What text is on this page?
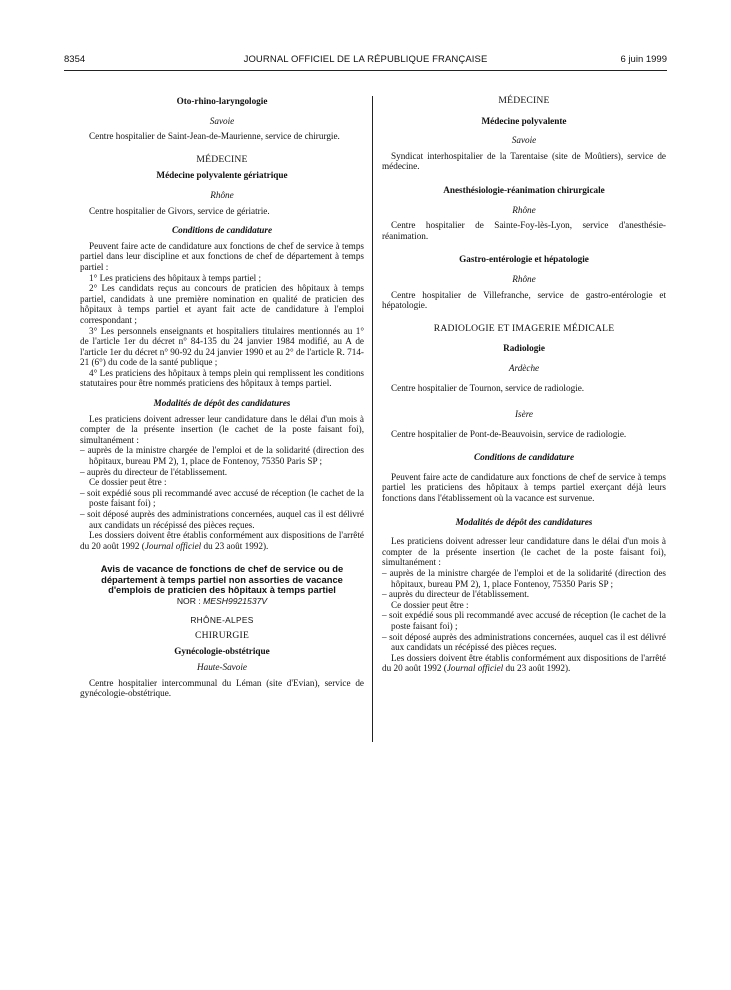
8354	JOURNAL OFFICIEL DE LA RÉPUBLIQUE FRANÇAISE	6 juin 1999
Oto-rhino-laryngologie
Savoie

Centre hospitalier de Saint-Jean-de-Maurienne, service de chirurgie.

MÉDECINE
Médecine polyvalente gériatrique
Rhône

Centre hospitalier de Givors, service de gériatrie.

Conditions de candidature

Peuvent faire acte de candidature aux fonctions de chef de service à temps partiel dans leur discipline et aux fonctions de chef de département à temps partiel :

1° Les praticiens des hôpitaux à temps partiel ;

2° Les candidats reçus au concours de praticien des hôpitaux à temps partiel, candidats à une première nomination en qualité de praticien des hôpitaux à temps partiel et ayant fait acte de candidature à l'emploi correspondant ;

3° Les personnels enseignants et hospitaliers titulaires mentionnés au 1° de l'article 1er du décret n° 84-135 du 24 janvier 1984 modifié, au A de l'article 1er du décret n° 90-92 du 24 janvier 1990 et au 2° de l'article R. 714-21 (6°) du code de la santé publique ;

4° Les praticiens des hôpitaux à temps plein qui remplissent les conditions statutaires pour être nommés praticiens des hôpitaux à temps partiel.

Modalités de dépôt des candidatures

Les praticiens doivent adresser leur candidature dans le délai d'un mois à compter de la présente insertion (le cachet de la poste faisant foi), simultanément :

– auprès de la ministre chargée de l'emploi et de la solidarité (direction des hôpitaux, bureau PM 2), 1, place de Fontenoy, 75350 Paris SP ;
– auprès du directeur de l'établissement.

Ce dossier peut être :

– soit expédié sous pli recommandé avec accusé de réception (le cachet de la poste faisant foi) ;
– soit déposé auprès des administrations concernées, auquel cas il est délivré aux candidats un récépissé des pièces reçues.

Les dossiers doivent être établis conformément aux dispositions de l'arrêté du 20 août 1992 (Journal officiel du 23 août 1992).

Avis de vacance de fonctions de chef de service ou de département à temps partiel non assorties de vacance d'emplois de praticien des hôpitaux à temps partiel
NOR : MESH9921537V
RHÔNE-ALPES
CHIRURGIE
Gynécologie-obstétrique
Haute-Savoie

Centre hospitalier intercommunal du Léman (site d'Evian), service de gynécologie-obstétrique.

MÉDECINE
Médecine polyvalente
Savoie

Syndicat interhospitalier de la Tarentaise (site de Moûtiers), service de médecine.

Anesthésiologie-réanimation chirurgicale
Rhône

Centre hospitalier de Sainte-Foy-lès-Lyon, service d'anesthésie-réanimation.

Gastro-entérologie et hépatologie
Rhône

Centre hospitalier de Villefranche, service de gastro-entérologie et hépatologie.

RADIOLOGIE ET IMAGERIE MÉDICALE
Radiologie
Ardèche

Centre hospitalier de Tournon, service de radiologie.

Isère

Centre hospitalier de Pont-de-Beauvoisin, service de radiologie.

Conditions de candidature

Peuvent faire acte de candidature aux fonctions de chef de service à temps partiel les praticiens des hôpitaux à temps partiel exerçant déjà leurs fonctions dans l'établissement où la vacance est survenue.

Modalités de dépôt des candidatures

Les praticiens doivent adresser leur candidature dans le délai d'un mois à compter de la présente insertion (le cachet de la poste faisant foi), simultanément :

– auprès de la ministre chargée de l'emploi et de la solidarité (direction des hôpitaux, bureau PM 2), 1, place Fontenoy, 75350 Paris SP ;
– auprès du directeur de l'établissement.

Ce dossier peut être :

– soit expédié sous pli recommandé avec accusé de réception (le cachet de la poste faisant foi) ;
– soit déposé auprès des administrations concernées, auquel cas il est délivré aux candidats un récépissé des pièces reçues.

Les dossiers doivent être établis conformément aux dispositions de l'arrêté du 20 août 1992 (Journal officiel du 23 août 1992).
